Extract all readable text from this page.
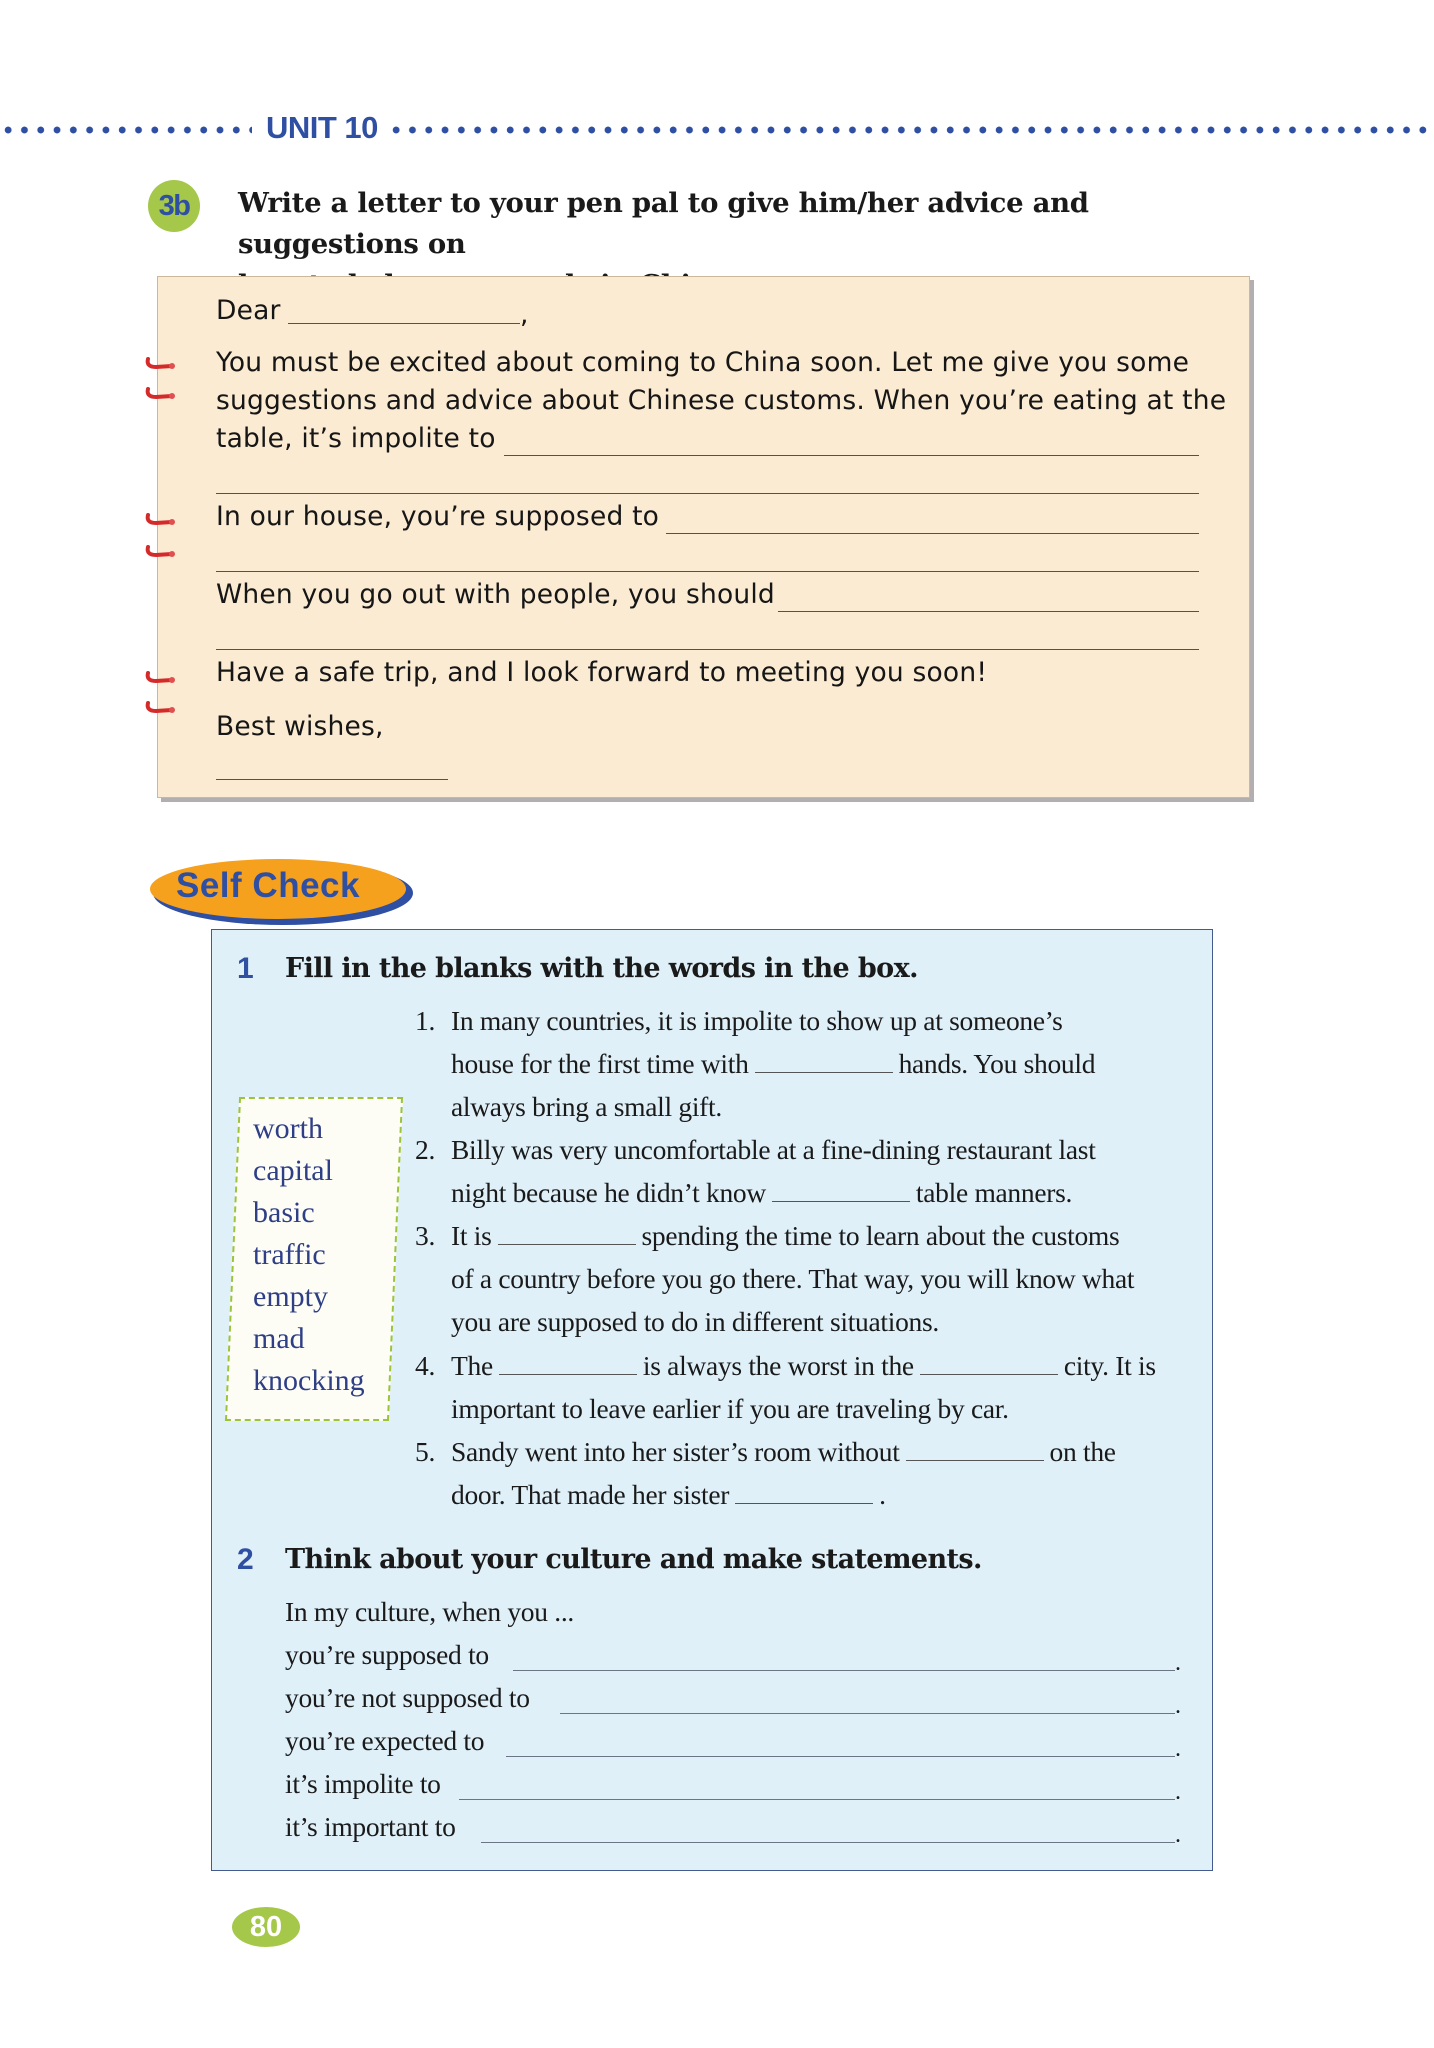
UNIT 10
3b	Write a letter to your pen pal to give him/her advice and suggestions on
Dear	,
You must be excited about coming to China soon. Let me give you some
suggestions and advice about Chinese customs. When you’re eating at the
table, it’s impolite to
In our house, you’re supposed to
When you go out with people, you should
Have a safe trip, and I look forward to meeting you soon!
Best wishes,
Self Check
1 Fill in the blanks with the words in the box.
worth
capital
basic
traffic
empty
mad
knocking
1. In many countries, it is impolite to show up at someone’s
house for the first time with	hands. You should
always bring a small gift.
2. Billy was very uncomfortable at a fine-dining restaurant last
night because he didn’t know	table manners.
3. It is	spending the time to learn about the customs
of a country before you go there. That way, you will know what
you are supposed to do in different situations.
4. The	is always the worst in the	city. It is
important to leave earlier if you are traveling by car.
5. Sandy went into her sister’s room without	on the
door. That made her sister	.
2 Think about your culture and make statements.
In my culture, when you ...
you’re supposed to	.
you’re not supposed to	.
you’re expected to	.
it’s impolite to	.
it’s important to	.
80
